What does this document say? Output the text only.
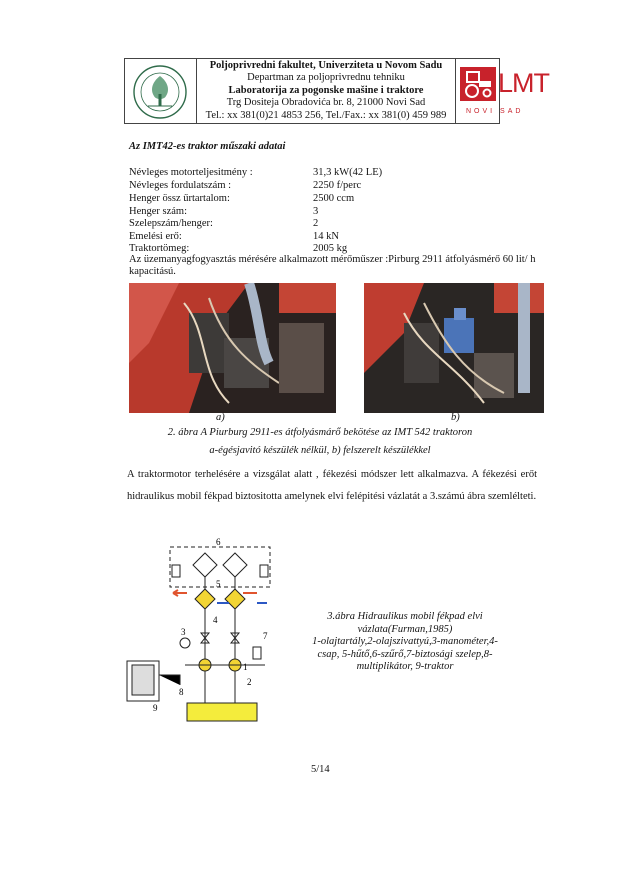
Poljoprivredni fakultet, Univerziteta u Novom Sadu
Departman za poljoprivrednu tehniku
Laboratorija za pogonske mašine i traktore
Trg Dositeja Obradovića br. 8, 21000 Novi Sad
Tel.: xx 381(0)21 4853 256, Tel./Fax.: xx 381(0) 459 989
LMT
NOVI SAD
Az IMT42-es traktor műszaki adatai
Névleges motorteljesitmény :	31,3 kW(42 LE)
Névleges fordulatszám :	2250 f/perc
Henger össz űrtartalom:	2500 ccm
Henger szám:	3
Szelepszám/henger:	2
Emelési erő:	14 kN
Traktortömeg:	2005 kg
Az üzemanyagfogyasztás mérésére alkalmazott mérőműszer :Pirburg 2911 átfolyásmérő 60 lit/ h kapacitású.
a)	b)
2. ábra A Piurburg 2911-es átfolyásmárő bekötése az IMT 542 traktoron
a-égésjavitó készülék nélkül, b) felszerelt készülékkel
A traktormotor terhelésére a vizsgálat alatt , fékezési módszer lett alkalmazva. A fékezési erőt hidraulikus mobil fékpad biztositotta amelynek elvi felépitési vázlatát a 3.számú ábra szemlélteti.
6
5
4
3	7
1
2
8
9
3.ábra Hidraulikus mobil fékpad elvi
vázlata(Furman,1985)
1-olajtartály,2-olajszivattyú,3-manométer,4-
csap, 5-hűtő,6-szűrő,7-biztosági szelep,8-
multiplikátor, 9-traktor
5/14
